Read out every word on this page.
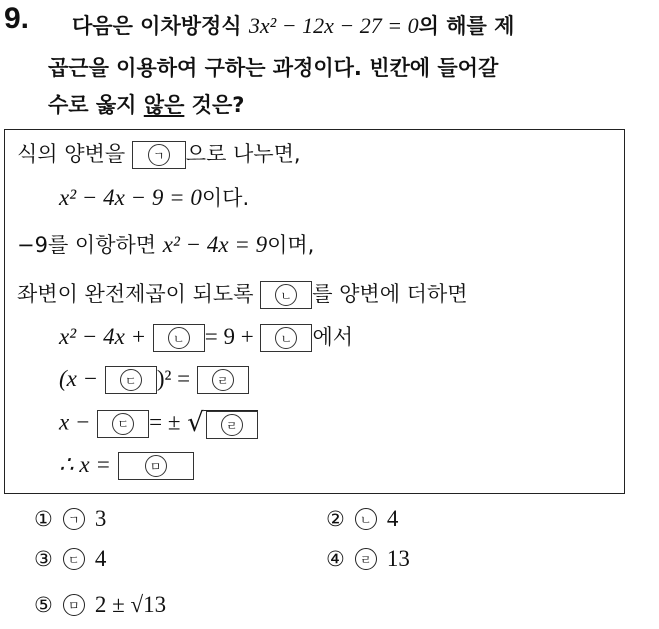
9. 다음은 이차방정식 3x² − 12x − 27 = 0의 해를 제
곱근을 이용하여 구하는 과정이다. 빈칸에 들어갈
수로 옳지 않은 것은?
식의 양변을	ㄱ 으로 나누면,
x² − 4x − 9 = 0이다.
−9를 이항하면 x² − 4x = 9이며,
좌변이 완전제곱이 되도록	ㄴ 를 양변에 더하면
x² − 4x +	ㄴ = 9 +	ㄴ 에서
(x −	ㄷ )² =	ㄹ
x −	ㄷ = ± √	ㄹ
∴ x =	ㅁ
①	ㄱ 3	②	ㄴ 4
③	ㄷ 4	④	ㄹ 13
⑤	ㅁ 2 ± √13
